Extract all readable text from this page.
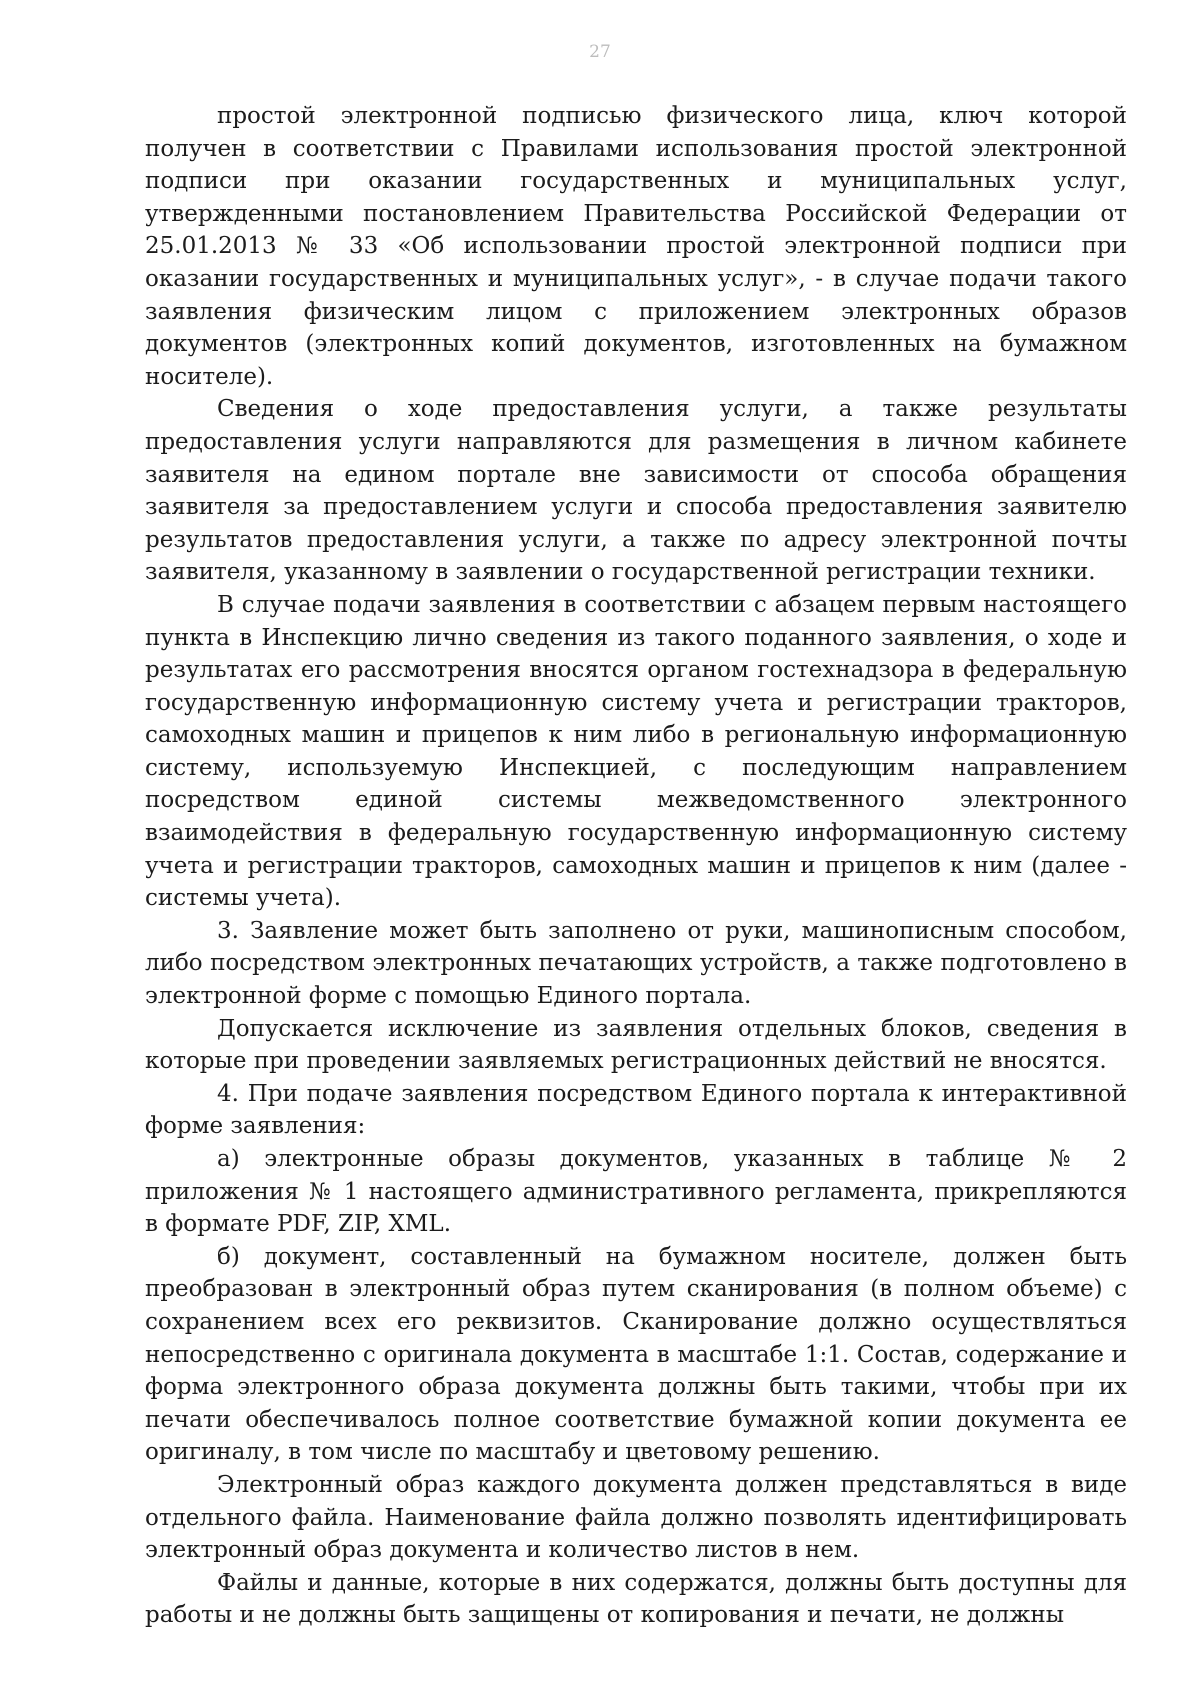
27

простой электронной подписью физического лица, ключ которой получен в соответствии с Правилами использования простой электронной подписи при оказании государственных и муниципальных услуг, утвержденными постановлением Правительства Российской Федерации от 25.01.2013 № 33 «Об использовании простой электронной подписи при оказании государственных и муниципальных услуг», - в случае подачи такого заявления физическим лицом с приложением электронных образов документов (электронных копий документов, изготовленных на бумажном носителе).

Сведения о ходе предоставления услуги, а также результаты предоставления услуги направляются для размещения в личном кабинете заявителя на едином портале вне зависимости от способа обращения заявителя за предоставлением услуги и способа предоставления заявителю результатов предоставления услуги, а также по адресу электронной почты заявителя, указанному в заявлении о государственной регистрации техники.

В случае подачи заявления в соответствии с абзацем первым настоящего пункта в Инспекцию лично сведения из такого поданного заявления, о ходе и результатах его рассмотрения вносятся органом гостехнадзора в федеральную государственную информационную систему учета и регистрации тракторов, самоходных машин и прицепов к ним либо в региональную информационную систему, используемую Инспекцией, с последующим направлением посредством единой системы межведомственного электронного взаимодействия в федеральную государственную информационную систему учета и регистрации тракторов, самоходных машин и прицепов к ним (далее - системы учета).

3. Заявление может быть заполнено от руки, машинописным способом, либо посредством электронных печатающих устройств, а также подготовлено в электронной форме с помощью Единого портала.

Допускается исключение из заявления отдельных блоков, сведения в которые при проведении заявляемых регистрационных действий не вносятся.

4. При подаче заявления посредством Единого портала к интерактивной форме заявления:

а) электронные образы документов, указанных в таблице № 2 приложения № 1 настоящего административного регламента, прикрепляются в формате PDF, ZIP, XML.

б) документ, составленный на бумажном носителе, должен быть преобразован в электронный образ путем сканирования (в полном объеме) с сохранением всех его реквизитов. Сканирование должно осуществляться непосредственно с оригинала документа в масштабе 1:1. Состав, содержание и форма электронного образа документа должны быть такими, чтобы при их печати обеспечивалось полное соответствие бумажной копии документа ее оригиналу, в том числе по масштабу и цветовому решению.

Электронный образ каждого документа должен представляться в виде отдельного файла. Наименование файла должно позволять идентифицировать электронный образ документа и количество листов в нем.

Файлы и данные, которые в них содержатся, должны быть доступны для работы и не должны быть защищены от копирования и печати, не должны
